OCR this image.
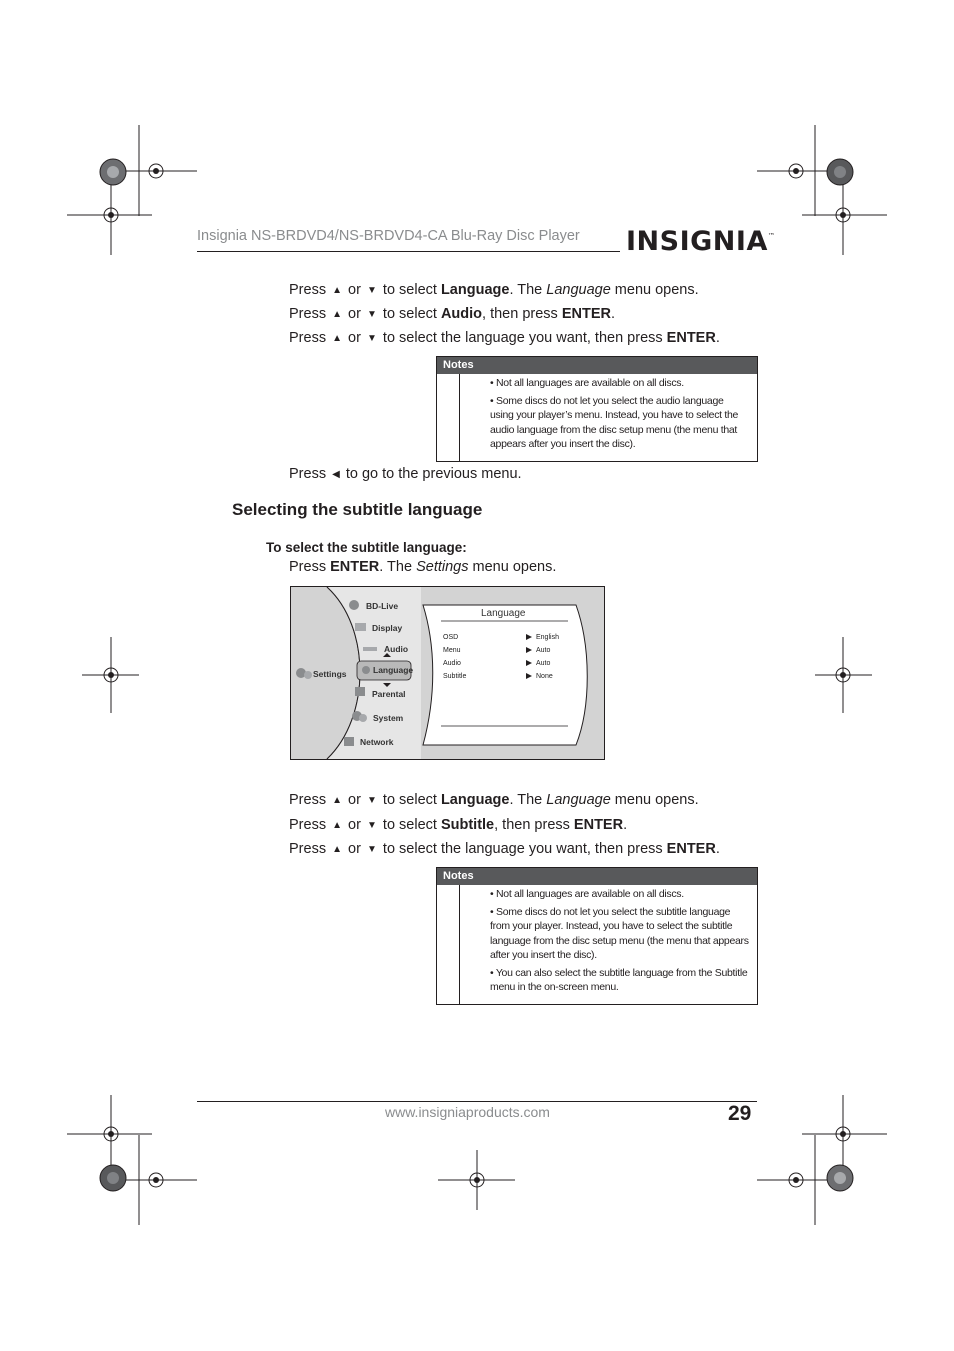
Insignia NS-BRDVD4/NS-BRDVD4-CA Blu-Ray Disc Player INSIGNIA™
Press ▲ or ▼ to select Language. The Language menu opens.
Press ▲ or ▼ to select Audio, then press ENTER.
Press ▲ or ▼ to select the language you want, then press ENTER.
Notes

• Not all languages are available on all discs.

• Some discs do not let you select the audio language using your player’s menu. Instead, you have to select the audio language from the disc setup menu (the menu that appears after you insert the disc).

Press ◀ to go to the previous menu.
Selecting the subtitle language
To select the subtitle language:
Press ENTER. The Settings menu opens.
Settings
BD-Live
Display
Audio
Language
Parental
System
Network
Language
OSD	English
Menu	Auto
Audio	Auto
Subtitle	None
Press ▲ or ▼ to select Language. The Language menu opens.
Press ▲ or ▼ to select Subtitle, then press ENTER.
Press ▲ or ▼ to select the language you want, then press ENTER.
Notes

• Not all languages are available on all discs.

• Some discs do not let you select the subtitle language from your player. Instead, you have to select the subtitle language from the disc setup menu (the menu that appears after you insert the disc).

• You can also select the subtitle language from the Subtitle menu in the on-screen menu.

www.insigniaproducts.com	29
